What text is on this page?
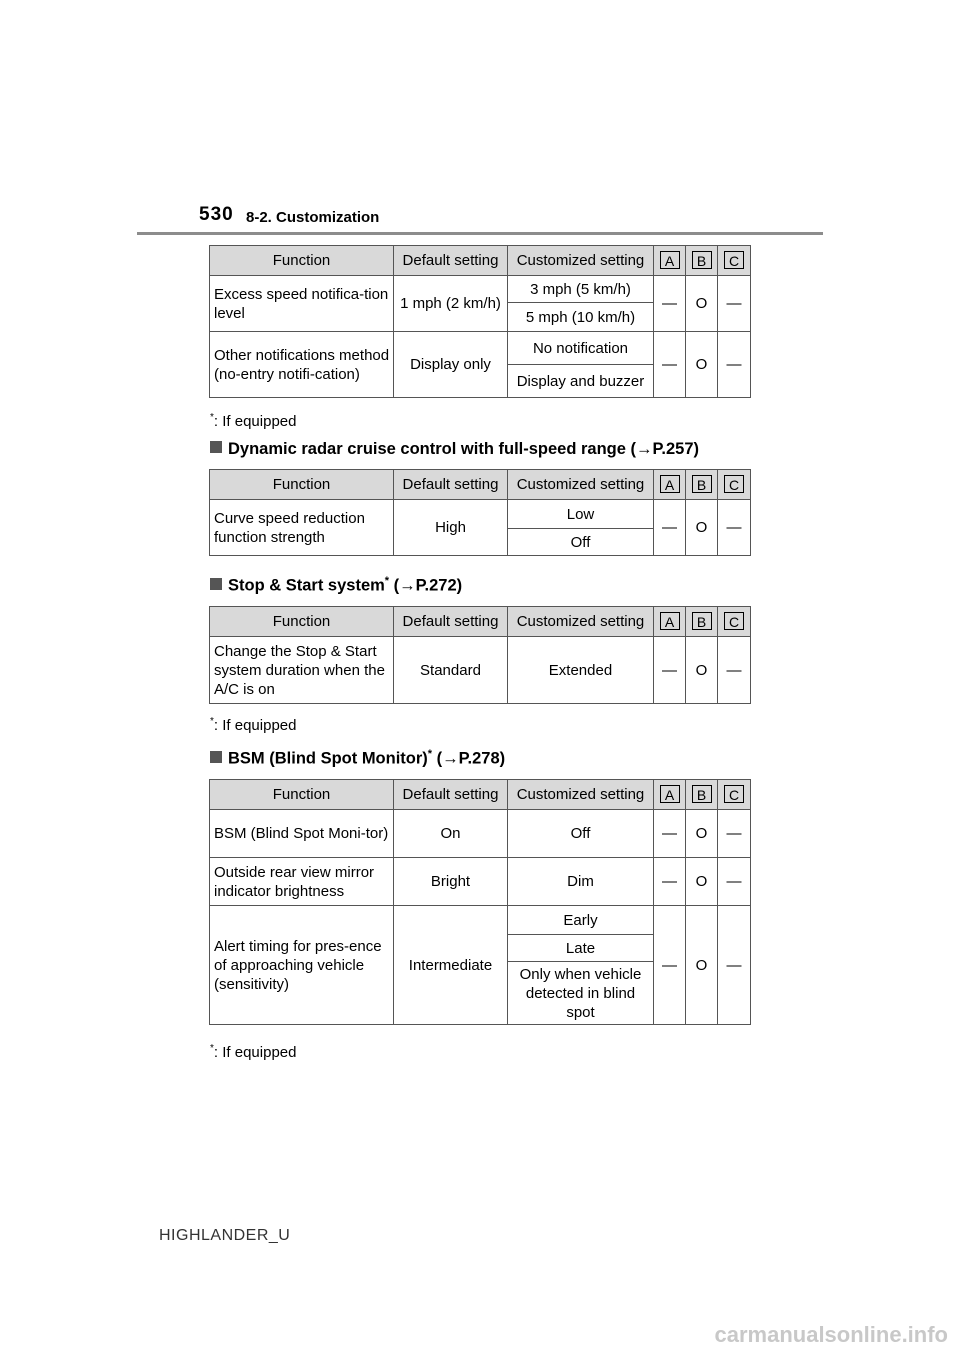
530 8-2. Customization
Function	Default setting	Customized setting	A	B	C
Excess speed notifica-tion level	1 mph (2 km/h)	3 mph (5 km/h)	—	O	—
		5 mph (10 km/h)			
Other notifications method (no-entry notifi-cation)	Display only	No notification	—	O	—
		Display and buzzer			
*: If equipped
Dynamic radar cruise control with full-speed range (→P.257)
Function	Default setting	Customized setting	A	B	C
Curve speed reduction function strength	High	Low	—	O	—
		Off			
Stop & Start system* (→P.272)
Function	Default setting	Customized setting	A	B	C
Change the Stop & Start system duration when the A/C is on	Standard	Extended	—	O	—
*: If equipped
BSM (Blind Spot Monitor)* (→P.278)
Function	Default setting	Customized setting	A	B	C
BSM (Blind Spot Moni-tor)	On	Off	—	O	—
Outside rear view mirror indicator brightness	Bright	Dim	—	O	—
Alert timing for pres-ence of approaching vehicle (sensitivity)	Intermediate	Early	—	O	—
		Late			
		Only when vehicle detected in blind spot			
*: If equipped
HIGHLANDER_U
carmanualsonline.info
